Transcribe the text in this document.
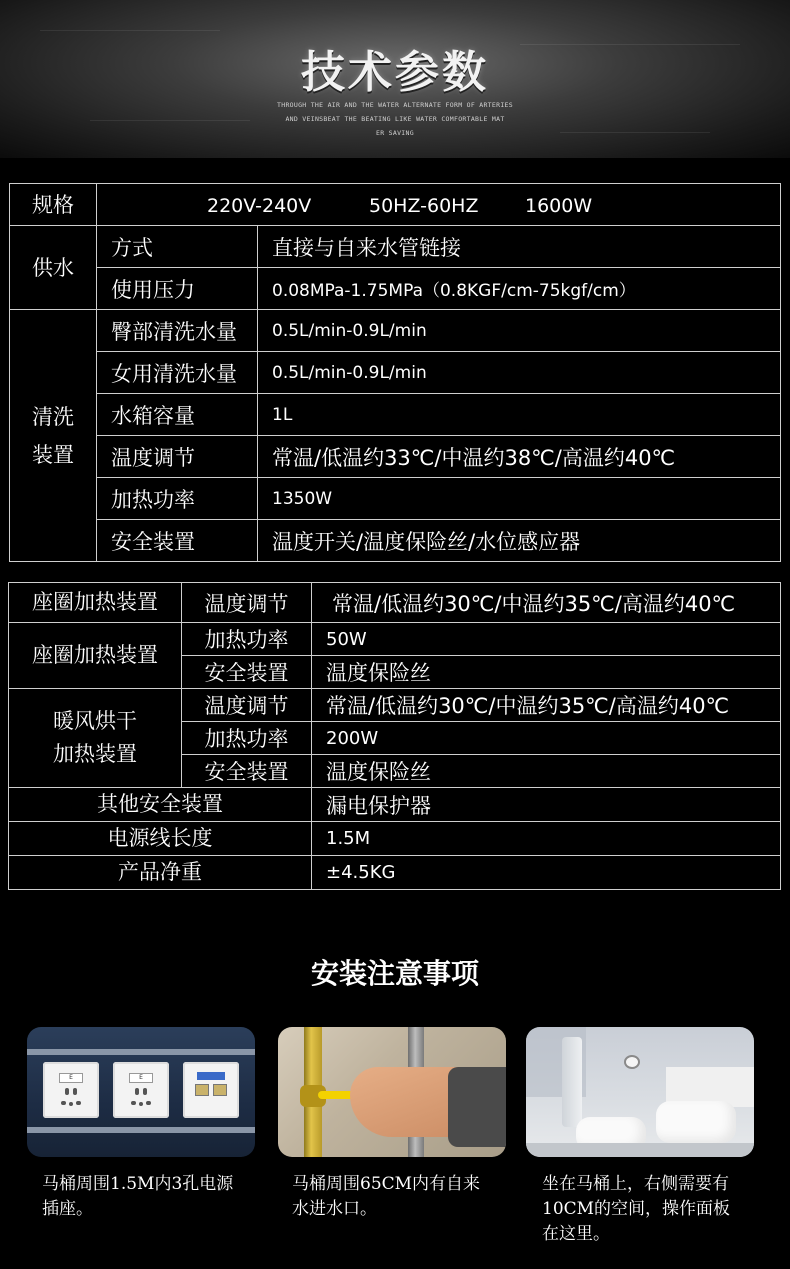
技术参数
THROUGH THE AIR AND THE WATER ALTERNATE FORM OF ARTERIES
AND VEINSBEAT THE BEATING LIKE WATER COMFORTABLE MAT
ER SAVING
规格	220V-240V 50HZ-60HZ 1600W	
供水	方式	直接与自来水管链接
	使用压力	0.08MPa-1.75MPa（0.8KGF/cm-75kgf/cm）

清洗
装置	臀部清洗水量	0.5L/min-0.9L/min
	女用清洗水量	0.5L/min-0.9L/min
	水箱容量	1L
	温度调节	常温/低温约33℃/中温约38℃/高温约40℃
	加热功率	1350W
	安全装置	温度开关/温度保险丝/水位感应器
座圈加热装置	温度调节	常温/低温约30℃/中温约35℃/高温约40℃
座圈加热装置	加热功率	50W
	安全装置	温度保险丝

暖风烘干
加热装置	温度调节	常温/低温约30℃/中温约35℃/高温约40℃
	加热功率	200W
	安全装置	温度保险丝
其他安全装置		漏电保护器
电源线长度		1.5M
产品净重		±4.5KG
安装注意事项
E	E
马桶周围1.5M内3孔电源
插座。
马桶周围65CM内有自来
水进水口。
坐在马桶上，右侧需要有
10CM的空间，操作面板
在这里。
